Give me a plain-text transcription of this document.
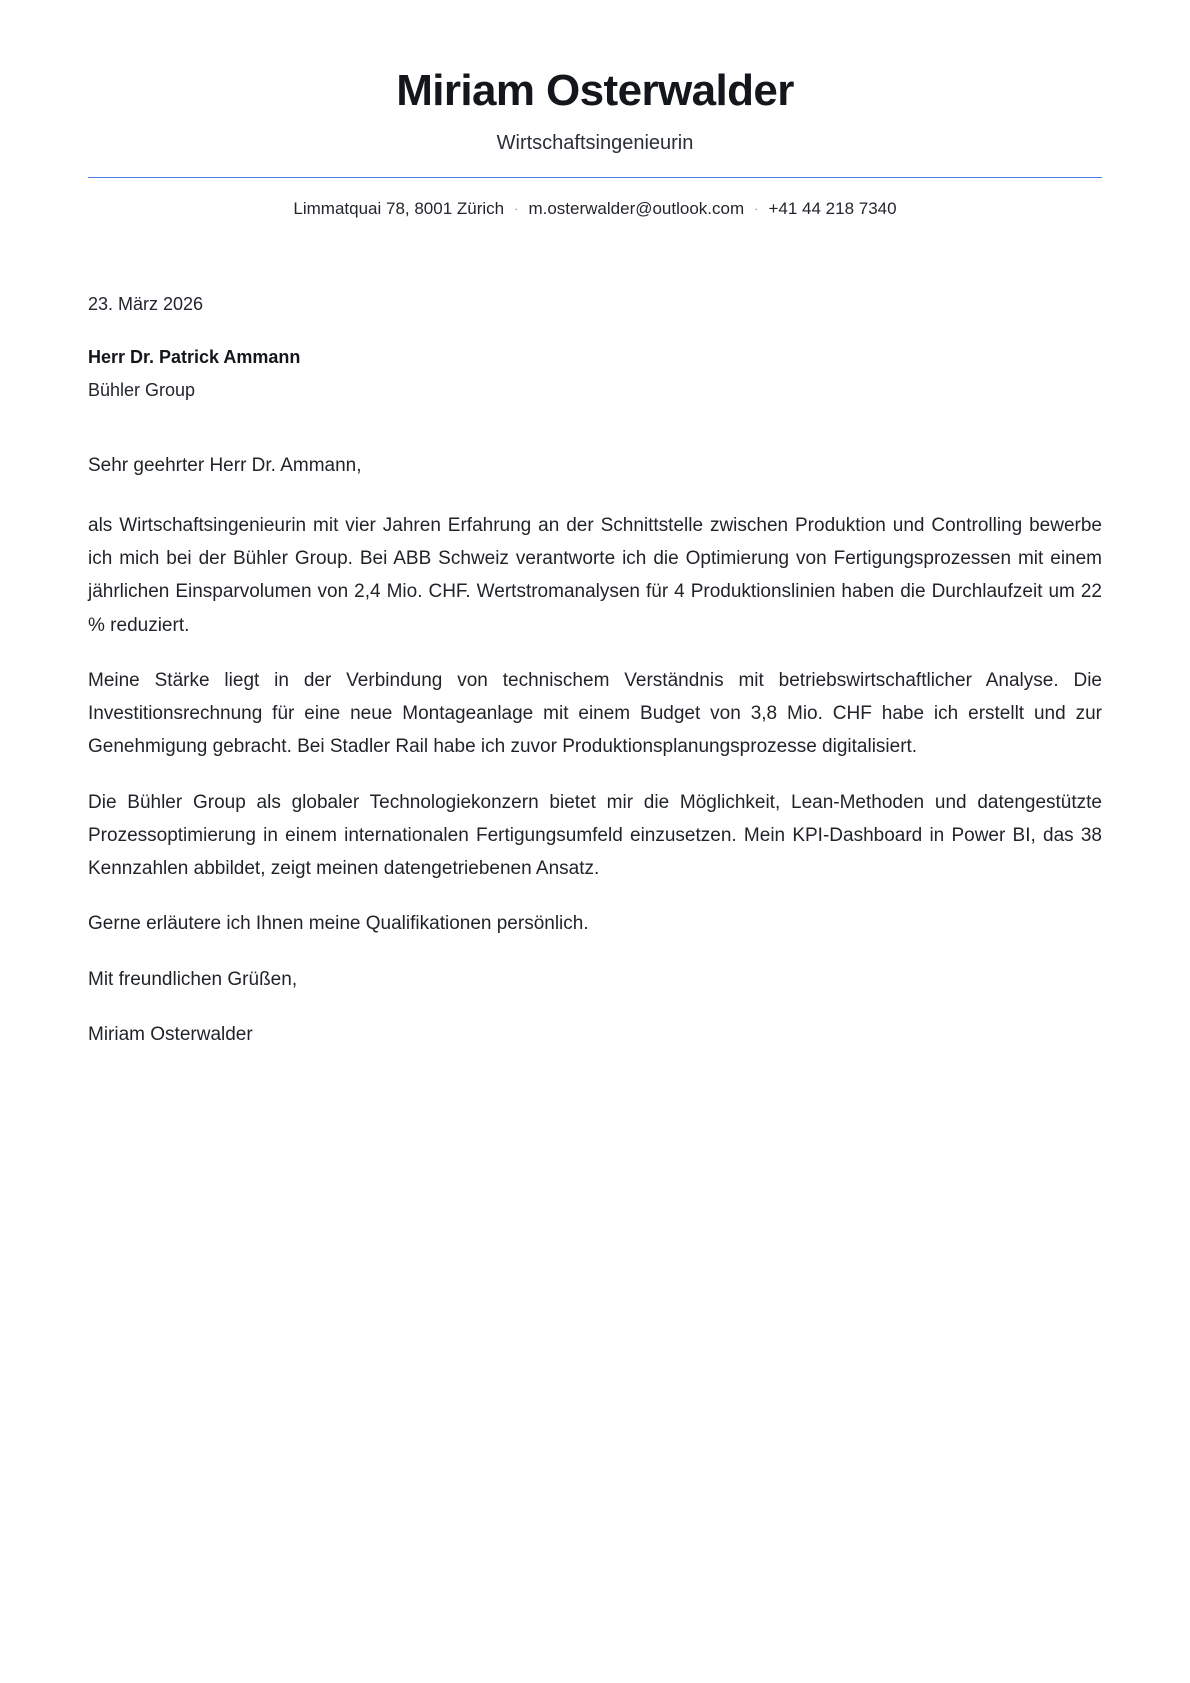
Miriam Osterwalder
Wirtschaftsingenieurin
Limmatquai 78, 8001 Zürich · m.osterwalder@outlook.com · +41 44 218 7340
23. März 2026
Herr Dr. Patrick Ammann
Bühler Group
Sehr geehrter Herr Dr. Ammann,

als Wirtschaftsingenieurin mit vier Jahren Erfahrung an der Schnittstelle zwischen Produktion und Controlling bewerbe ich mich bei der Bühler Group. Bei ABB Schweiz verantworte ich die Optimierung von Fertigungsprozessen mit einem jährlichen Einsparvolumen von 2,4 Mio. CHF. Wertstromanalysen für 4 Produktionslinien haben die Durchlaufzeit um 22 % reduziert.

Meine Stärke liegt in der Verbindung von technischem Verständnis mit betriebswirtschaftlicher Analyse. Die Investitionsrechnung für eine neue Montageanlage mit einem Budget von 3,8 Mio. CHF habe ich erstellt und zur Genehmigung gebracht. Bei Stadler Rail habe ich zuvor Produktionsplanungsprozesse digitalisiert.

Die Bühler Group als globaler Technologiekonzern bietet mir die Möglichkeit, Lean-Methoden und datengestützte Prozessoptimierung in einem internationalen Fertigungsumfeld einzusetzen. Mein KPI-Dashboard in Power BI, das 38 Kennzahlen abbildet, zeigt meinen datengetriebenen Ansatz.

Gerne erläutere ich Ihnen meine Qualifikationen persönlich.

Mit freundlichen Grüßen,

Miriam Osterwalder
